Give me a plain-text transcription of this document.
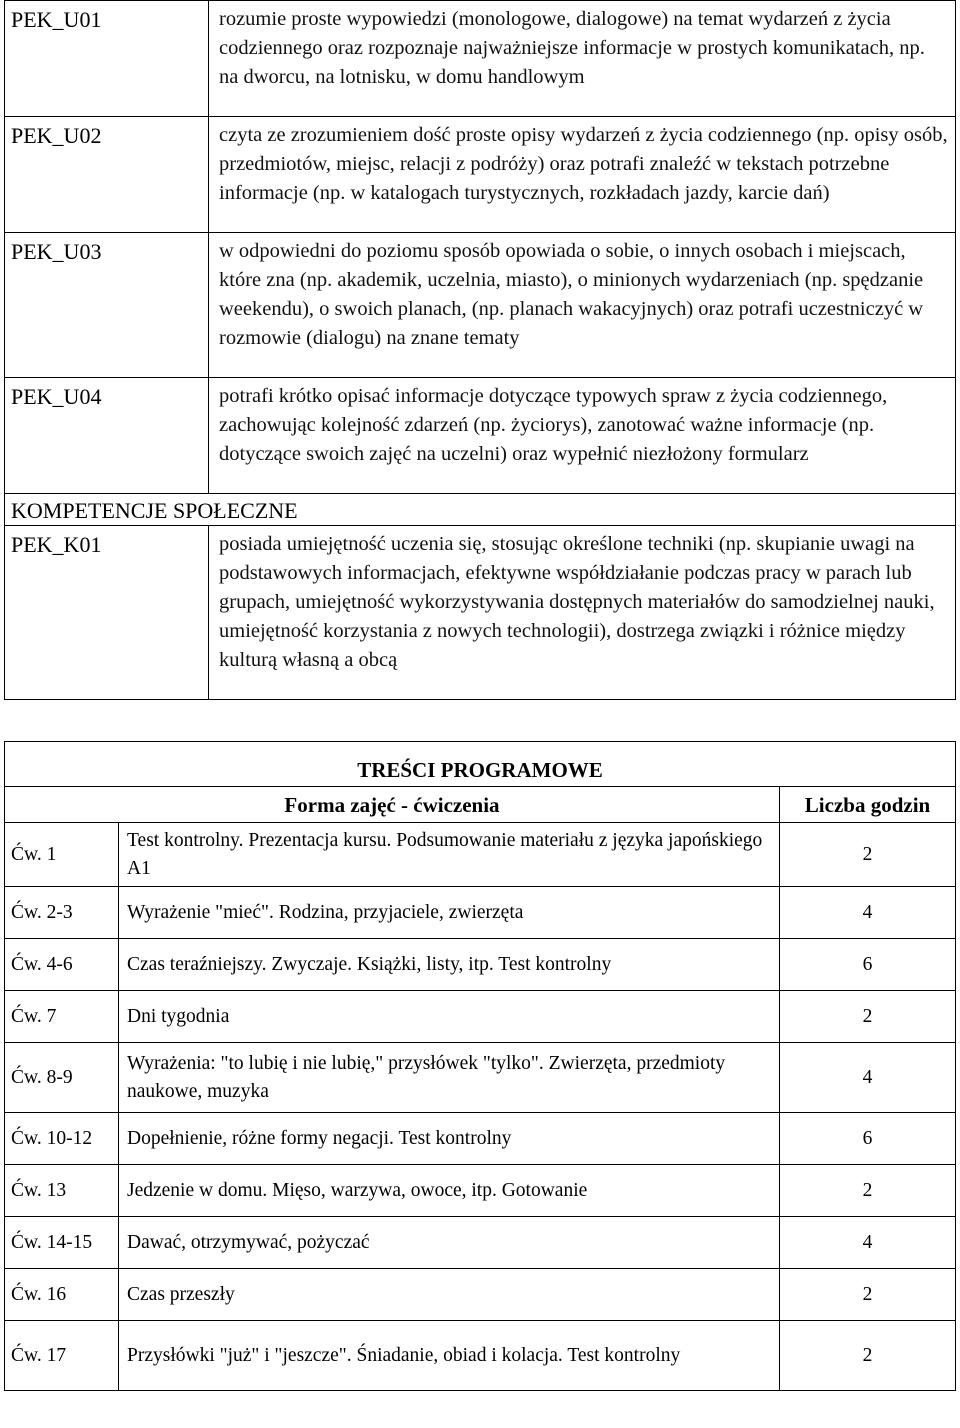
PEK_U01	rozumie proste wypowiedzi (monologowe, dialogowe) na temat wydarzeń z życia codziennego oraz rozpoznaje najważniejsze informacje w prostych komunikatach, np. na dworcu, na lotnisku, w domu handlowym
PEK_U02	czyta ze zrozumieniem dość proste opisy wydarzeń z życia codziennego (np. opisy osób, przedmiotów, miejsc, relacji z podróży) oraz potrafi znaleźć w tekstach potrzebne informacje (np. w katalogach turystycznych, rozkładach jazdy, karcie dań)
PEK_U03	w odpowiedni do poziomu sposób opowiada o sobie, o innych osobach i miejscach, które zna (np. akademik, uczelnia, miasto), o minionych wydarzeniach (np. spędzanie weekendu), o swoich planach, (np. planach wakacyjnych) oraz potrafi uczestniczyć w rozmowie (dialogu) na znane tematy
PEK_U04	potrafi krótko opisać informacje dotyczące typowych spraw z życia codziennego, zachowując kolejność zdarzeń (np. życiorys), zanotować ważne informacje (np. dotyczące swoich zajęć na uczelni) oraz wypełnić niezłożony formularz
KOMPETENCJE SPOŁECZNE	
PEK_K01	posiada umiejętność uczenia się, stosując określone techniki (np. skupianie uwagi na podstawowych informacjach, efektywne współdziałanie podczas pracy w parach lub grupach, umiejętność wykorzystywania dostępnych materiałów do samodzielnej nauki, umiejętność korzystania z nowych technologii), dostrzega związki i różnice między kulturą własną a obcą
TREŚCI PROGRAMOWE		
Forma zajęć - ćwiczenia		Liczba godzin
Ćw. 1	Test kontrolny. Prezentacja kursu. Podsumowanie materiału z języka japońskiego A1	2
Ćw. 2-3	Wyrażenie "mieć". Rodzina, przyjaciele, zwierzęta	4
Ćw. 4-6	Czas teraźniejszy. Zwyczaje. Książki, listy, itp. Test kontrolny	6
Ćw. 7	Dni tygodnia	2
Ćw. 8-9	Wyrażenia: "to lubię i nie lubię," przysłówek "tylko". Zwierzęta, przedmioty naukowe, muzyka	4
Ćw. 10-12	Dopełnienie, różne formy negacji. Test kontrolny	6
Ćw. 13	Jedzenie w domu. Mięso, warzywa, owoce, itp. Gotowanie	2
Ćw. 14-15	Dawać, otrzymywać, pożyczać	4
Ćw. 16	Czas przeszły	2
Ćw. 17	Przysłówki "już" i "jeszcze". Śniadanie, obiad i kolacja. Test kontrolny	2
